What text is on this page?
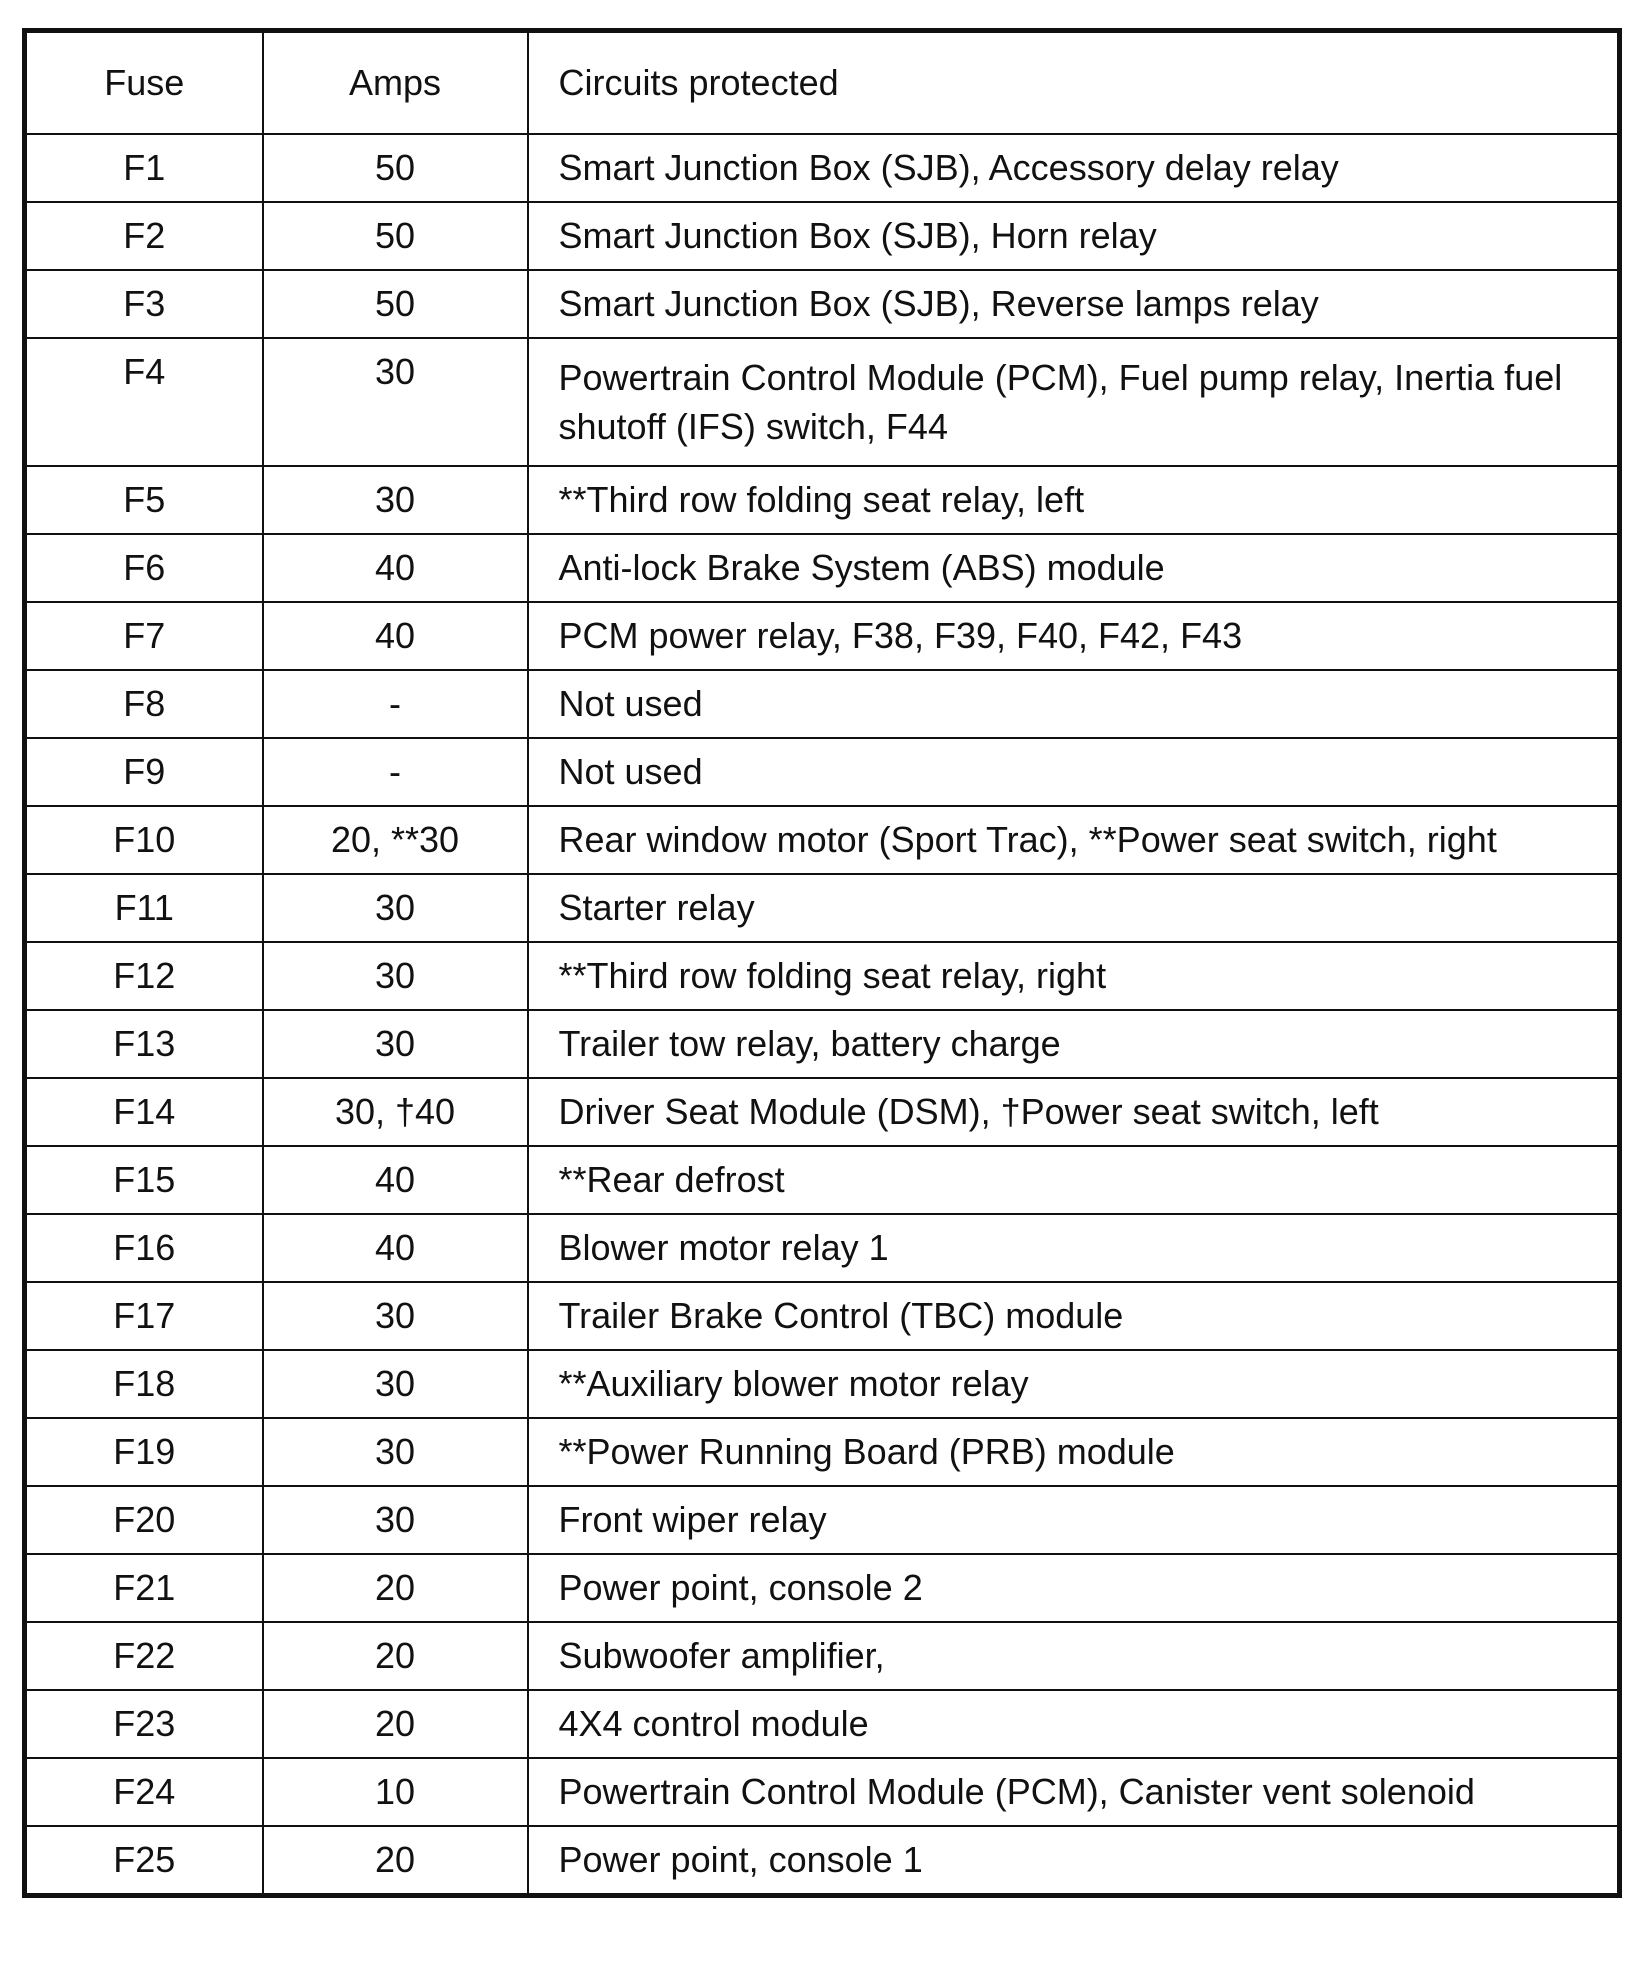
Fuse	Amps	Circuits protected
F1	50	Smart Junction Box (SJB), Accessory delay relay
F2	50	Smart Junction Box (SJB), Horn relay
F3	50	Smart Junction Box (SJB), Reverse lamps relay
F4	30	Powertrain Control Module (PCM), Fuel pump relay, Inertia fuel shutoff (IFS) switch, F44
F5	30	**Third row folding seat relay, left
F6	40	Anti-lock Brake System (ABS) module
F7	40	PCM power relay, F38, F39, F40, F42, F43
F8	-	Not used
F9	-	Not used
F10	20, **30	Rear window motor (Sport Trac), **Power seat switch, right
F11	30	Starter relay
F12	30	**Third row folding seat relay, right
F13	30	Trailer tow relay, battery charge
F14	30, †40	Driver Seat Module (DSM), †Power seat switch, left
F15	40	**Rear defrost
F16	40	Blower motor relay 1
F17	30	Trailer Brake Control (TBC) module
F18	30	**Auxiliary blower motor relay
F19	30	**Power Running Board (PRB) module
F20	30	Front wiper relay
F21	20	Power point, console 2
F22	20	Subwoofer amplifier,
F23	20	4X4 control module
F24	10	Powertrain Control Module (PCM), Canister vent solenoid
F25	20	Power point, console 1
